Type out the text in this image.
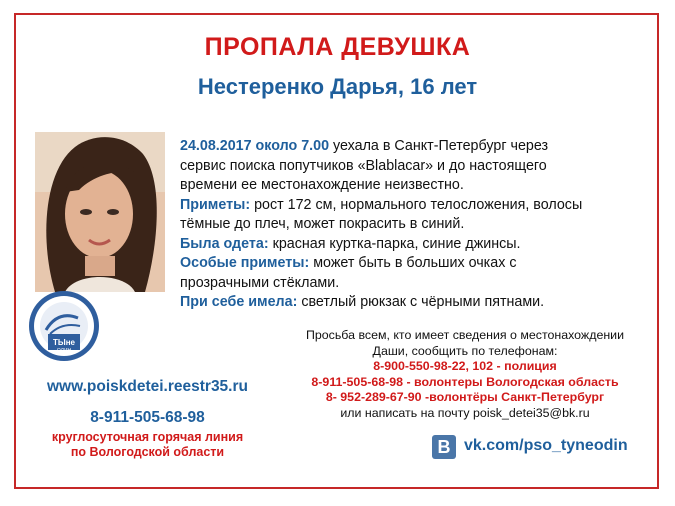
ПРОПАЛА ДЕВУШКА
Нестеренко Дарья, 16 лет
ТЫне
ОДИН
24.08.2017 около 7.00 уехала в Санкт-Петербург через
сервис поиска попутчиков «Blablacar» и до настоящего
времени ее местонахождение неизвестно.
Приметы: рост 172 см, нормального телосложения, волосы
тёмные до плеч, может покрасить в синий.
Была одета: красная куртка-парка, синие джинсы.
Особые приметы: может быть в больших очках с
прозрачными стёклами.
При себе имела: светлый рюкзак с чёрными пятнами.
Просьба всем, кто имеет сведения о местонахождении
Даши, сообщить по телефонам:
8-900-550-98-22, 102 - полиция
8-911-505-68-98 - волонтеры Вологодская область
8- 952-289-67-90 -волонтёры Санкт-Петербург
или написать на почту poisk_detei35@bk.ru
www.poiskdetei.reestr35.ru
8-911-505-68-98
круглосуточная горячая линия
по Вологодской области	B vk.com/pso_tyneodin
